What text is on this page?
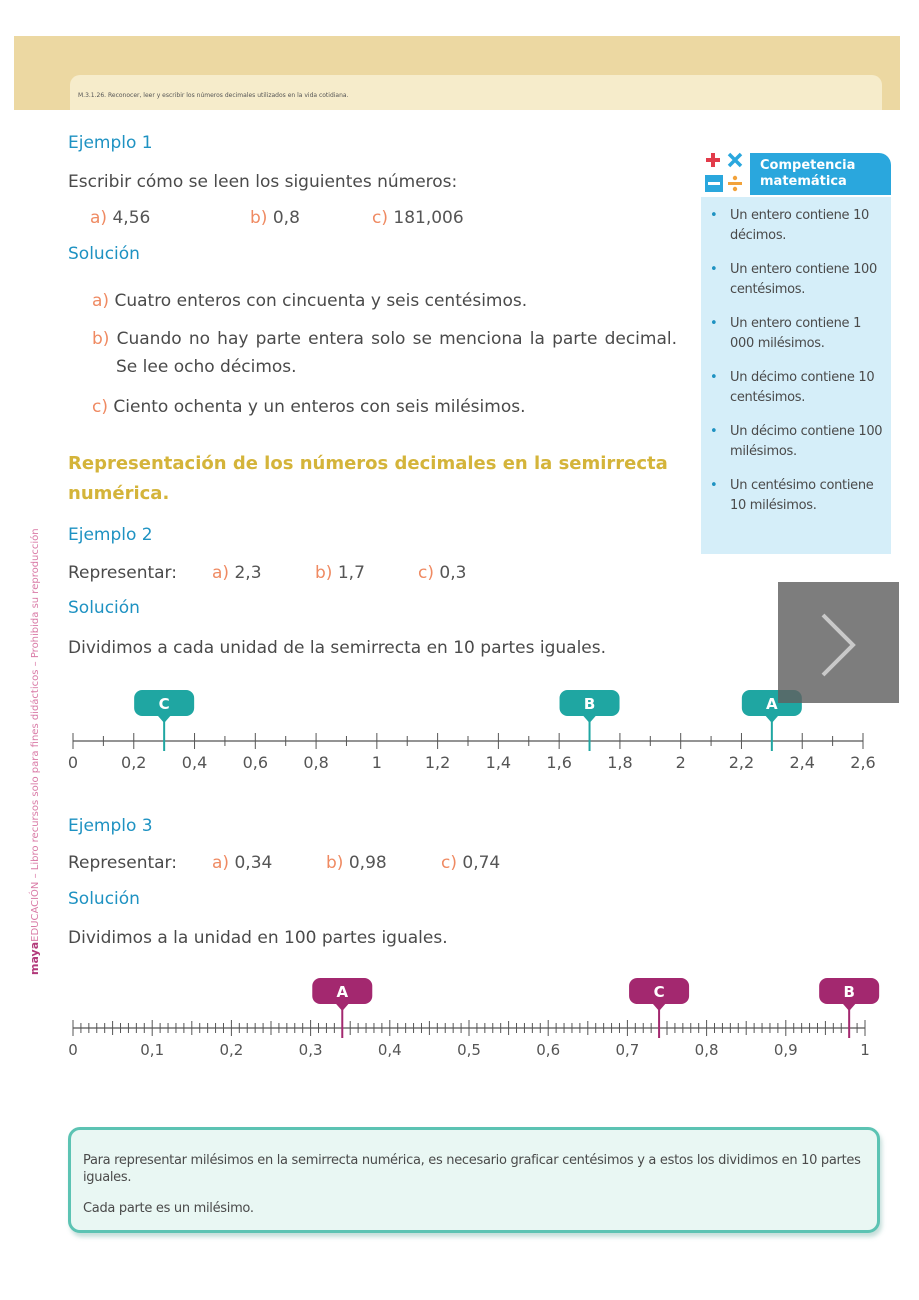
M.3.1.26. Reconocer, leer y escribir los números decimales utilizados en la vida cotidiana.
mayaEDUCACIÓN – Libro recursos solo para fines didácticos – Prohibida su reproducción
Ejemplo 1
Escribir cómo se leen los siguientes números:
a) 4,56	b) 0,8	c) 181,006
Solución
a) Cuatro enteros con cincuenta y seis centésimos.
b) Cuando no hay parte entera solo se menciona la parte decimal. Se lee ocho décimos.
c) Ciento ochenta y un enteros con seis milésimos.
Representación de los números decimales en la semirrecta numérica.
Ejemplo 2
Representar: a) 2,3	b) 1,7	c) 0,3
Solución
Dividimos a cada unidad de la semirrecta en 10 partes iguales.
0	0,2 0,4 0,6 0,8	1	1,2 1,4 1,6 1,8	2	2,2 2,4 2,6
C	B	A
Ejemplo 3
Representar: a) 0,34	b) 0,98	c) 0,74
Solución
Dividimos a la unidad en 100 partes iguales.
0	0,1	0,2	0,3	0,4	0,5	0,6	0,7	0,8	0,9	1
A	C	B
Competencia
matemática
• Un entero contiene 10 décimos.
• Un entero contiene 100 centésimos.
• Un entero contiene 1 000 milésimos.
• Un décimo contiene 10 centésimos.
• Un décimo contiene 100 milésimos.
• Un centésimo contiene 10 milésimos.

Para representar milésimos en la semirrecta numérica, es necesario graficar centésimos y a estos los dividimos en 10 partes iguales.

Cada parte es un milésimo.
